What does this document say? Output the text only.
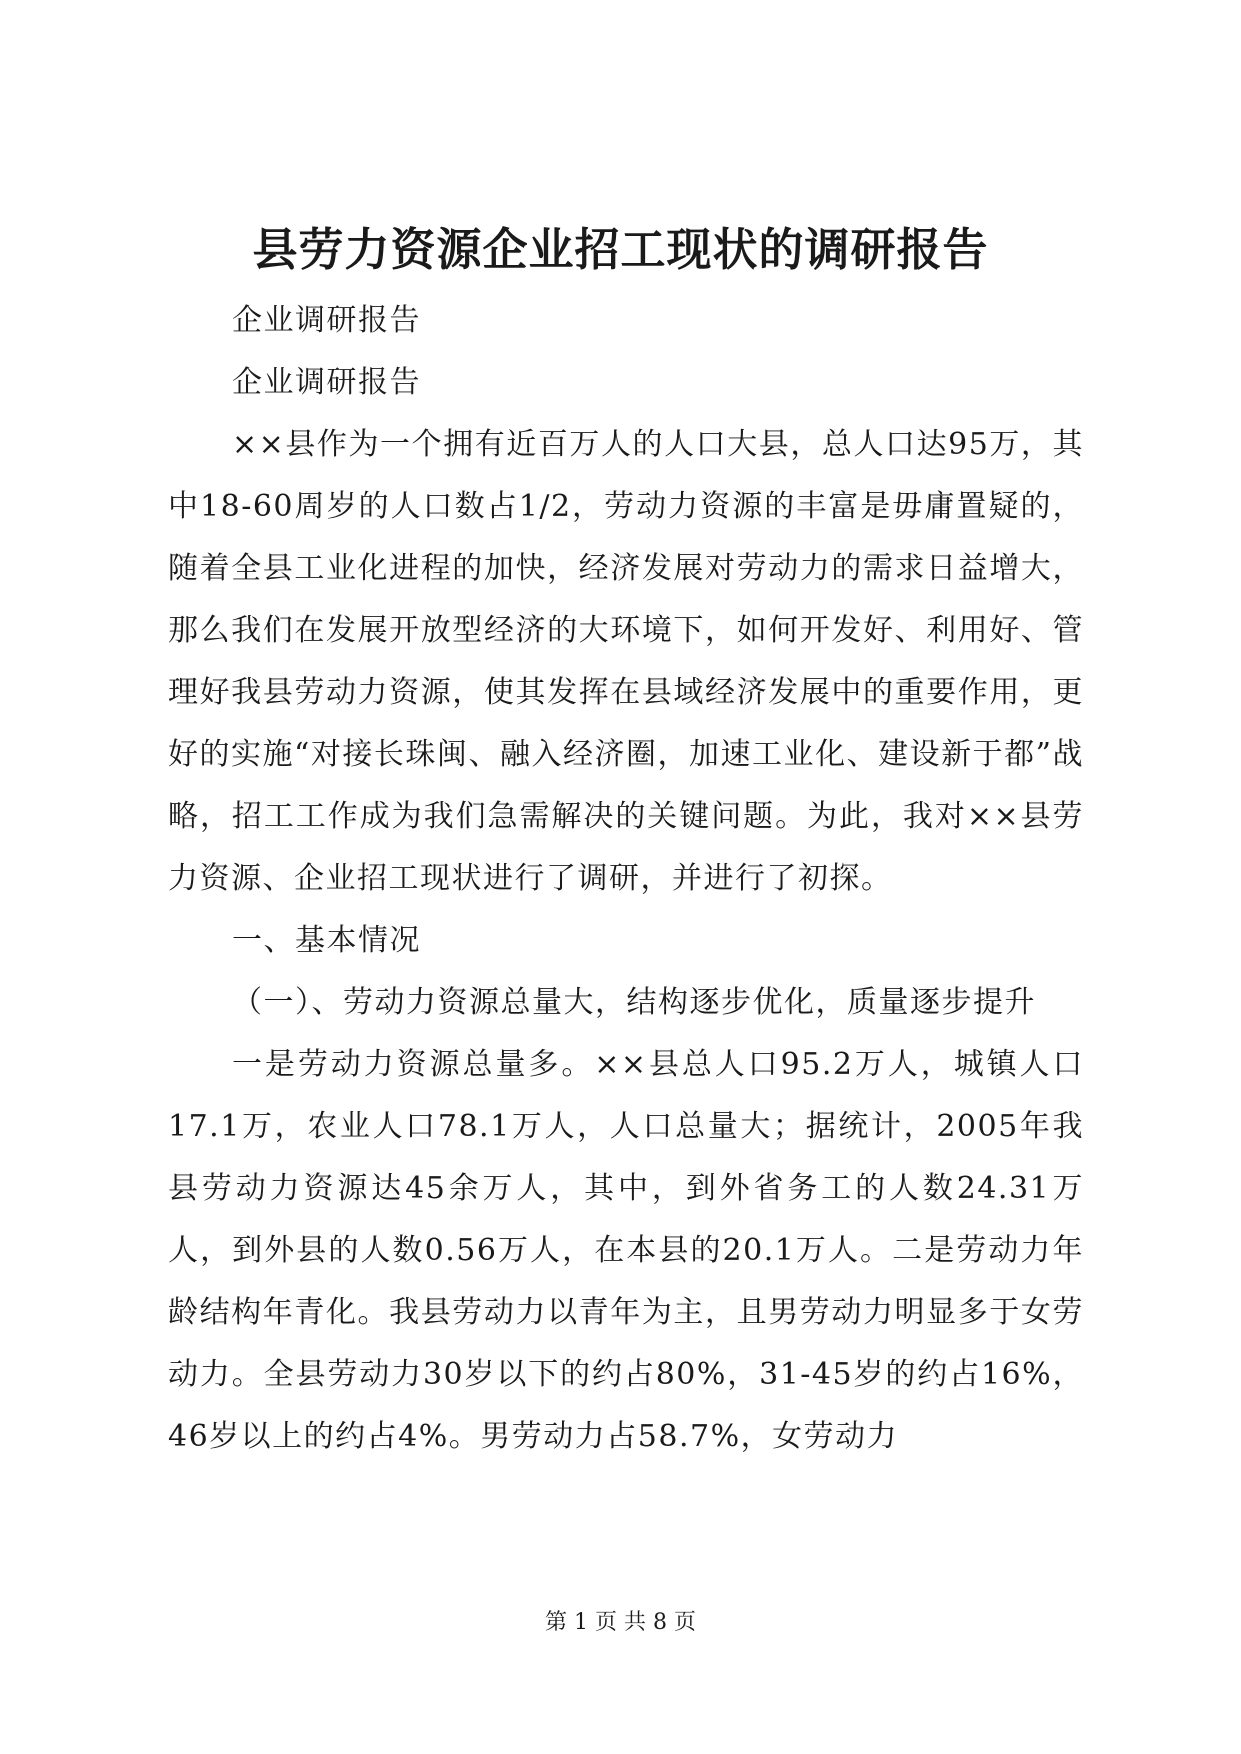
县劳力资源企业招工现状的调研报告

企业调研报告

企业调研报告

××县作为一个拥有近百万人的人口大县，总人口达95万，其中18-60周岁的人口数占1/2，劳动力资源的丰富是毋庸置疑的，随着全县工业化进程的加快，经济发展对劳动力的需求日益增大，那么我们在发展开放型经济的大环境下，如何开发好、利用好、管理好我县劳动力资源，使其发挥在县域经济发展中的重要作用，更好的实施“对接长珠闽、融入经济圈，加速工业化、建设新于都”战略，招工工作成为我们急需解决的关键问题。为此，我对××县劳力资源、企业招工现状进行了调研，并进行了初探。

一、基本情况

（一）、劳动力资源总量大，结构逐步优化，质量逐步提升

一是劳动力资源总量多。××县总人口95.2万人，城镇人口17.1万，农业人口78.1万人，人口总量大；据统计，2005年我县劳动力资源达45余万人，其中，到外省务工的人数24.31万人，到外县的人数0.56万人，在本县的20.1万人。二是劳动力年龄结构年青化。我县劳动力以青年为主，且男劳动力明显多于女劳动力。全县劳动力30岁以下的约占80%，31-45岁的约占16%，46岁以上的约占4%。男劳动力占58.7%，女劳动力

第 1 页 共 8 页
